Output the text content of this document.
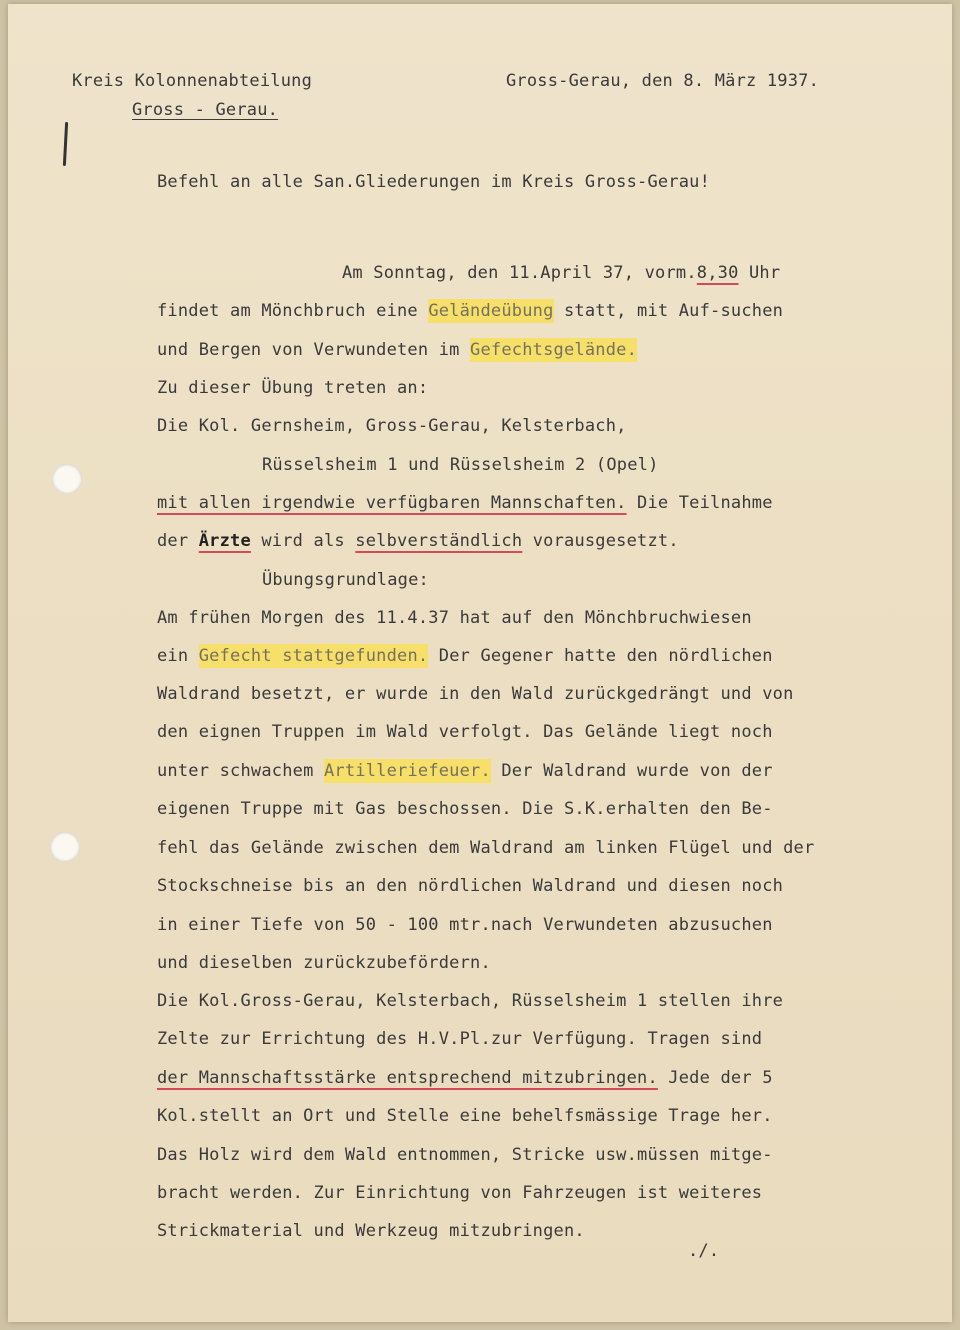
Kreis Kolonnenabteilung
Gross - Gerau.
Gross-Gerau, den 8. März 1937.
Befehl an alle San.Gliederungen im Kreis Gross-Gerau!
Am Sonntag, den 11.April 37, vorm.8,30 Uhr
findet am Mönchbruch eine Geländeübung statt, mit Auf-suchen
und Bergen von Verwundeten im Gefechtsgelände.
Zu dieser Übung treten an:
Die Kol. Gernsheim, Gross-Gerau, Kelsterbach,
Rüsselsheim 1 und Rüsselsheim 2 (Opel)
mit allen irgendwie verfügbaren Mannschaften. Die Teilnahme
der Ärzte wird als selbverständlich vorausgesetzt.
Übungsgrundlage:
Am frühen Morgen des 11.4.37 hat auf den Mönchbruchwiesen
ein Gefecht stattgefunden. Der Gegener hatte den nördlichen
Waldrand besetzt, er wurde in den Wald zurückgedrängt und von
den eignen Truppen im Wald verfolgt. Das Gelände liegt noch
unter schwachem Artilleriefeuer. Der Waldrand wurde von der
eigenen Truppe mit Gas beschossen. Die S.K.erhalten den Be-
fehl das Gelände zwischen dem Waldrand am linken Flügel und der
Stockschneise bis an den nördlichen Waldrand und diesen noch
in einer Tiefe von 50 - 100 mtr.nach Verwundeten abzusuchen
und dieselben zurückzubefördern.
Die Kol.Gross-Gerau, Kelsterbach, Rüsselsheim 1 stellen ihre
Zelte zur Errichtung des H.V.Pl.zur Verfügung. Tragen sind
der Mannschaftsstärke entsprechend mitzubringen. Jede der 5
Kol.stellt an Ort und Stelle eine behelfsmässige Trage her.
Das Holz wird dem Wald entnommen, Stricke usw.müssen mitge-
bracht werden. Zur Einrichtung von Fahrzeugen ist weiteres
Strickmaterial und Werkzeug mitzubringen.
./.
